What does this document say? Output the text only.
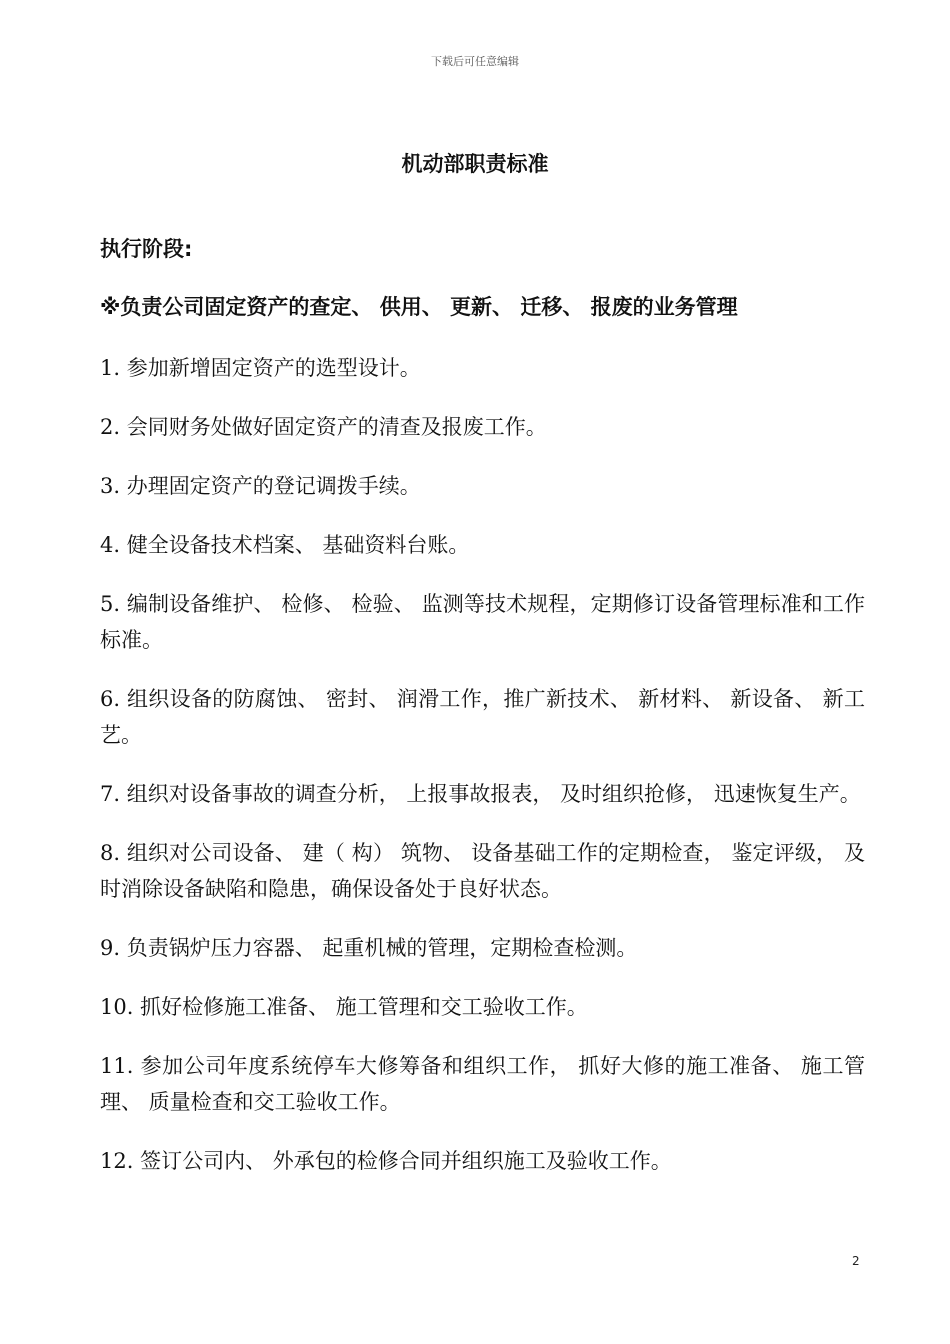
下载后可任意编辑
机动部职责标准
执行阶段:
※负责公司固定资产的查定、 供用、 更新、 迁移、 报废的业务管理

1. 参加新增固定资产的选型设计。

2. 会同财务处做好固定资产的清查及报废工作。

3. 办理固定资产的登记调拨手续。

4. 健全设备技术档案、 基础资料台账。

5. 编制设备维护、 检修、 检验、 监测等技术规程，定期修订设备管理标准和工作标准。

6. 组织设备的防腐蚀、 密封、 润滑工作，推广新技术、 新材料、 新设备、 新工艺。

7. 组织对设备事故的调查分析， 上报事故报表， 及时组织抢修， 迅速恢复生产。

8. 组织对公司设备、 建（ 构） 筑物、 设备基础工作的定期检查， 鉴定评级， 及时消除设备缺陷和隐患，确保设备处于良好状态。

9. 负责锅炉压力容器、 起重机械的管理，定期检查检测。

10. 抓好检修施工准备、 施工管理和交工验收工作。

11. 参加公司年度系统停车大修筹备和组织工作， 抓好大修的施工准备、 施工管理、 质量检查和交工验收工作。

12. 签订公司内、 外承包的检修合同并组织施工及验收工作。

2
